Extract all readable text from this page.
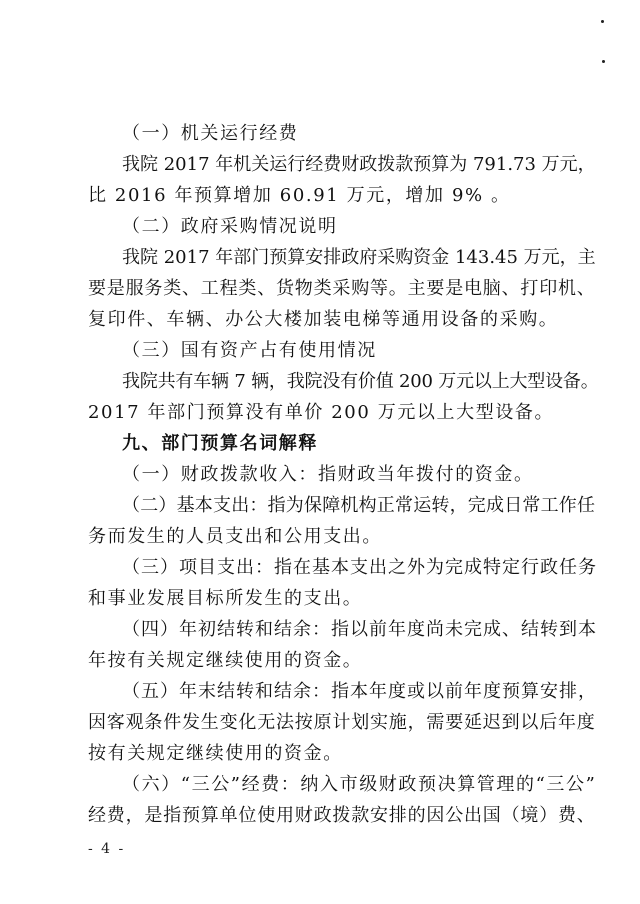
（一）机关运行经费
我院 2017 年机关运行经费财政拨款预算为 791.73 万元，
比 2016 年预算增加 60.91 万元，增加 9% 。
（二）政府采购情况说明
我院 2017 年部门预算安排政府采购资金 143.45 万元，主
要是服务类、工程类、货物类采购等。主要是电脑、打印机、
复印件、车辆、办公大楼加装电梯等通用设备的采购。
（三）国有资产占有使用情况
我院共有车辆 7 辆，我院没有价值 200 万元以上大型设备。
2017 年部门预算没有单价 200 万元以上大型设备。
九、部门预算名词解释
（一）财政拨款收入：指财政当年拨付的资金。
（二）基本支出：指为保障机构正常运转，完成日常工作任
务而发生的人员支出和公用支出。
（三）项目支出：指在基本支出之外为完成特定行政任务
和事业发展目标所发生的支出。
（四）年初结转和结余：指以前年度尚未完成、结转到本
年按有关规定继续使用的资金。
（五）年末结转和结余：指本年度或以前年度预算安排，
因客观条件发生变化无法按原计划实施，需要延迟到以后年度
按有关规定继续使用的资金。
（六）“三公”经费：纳入市级财政预决算管理的“三公”
经费，是指预算单位使用财政拨款安排的因公出国（境）费、
- 4 -
